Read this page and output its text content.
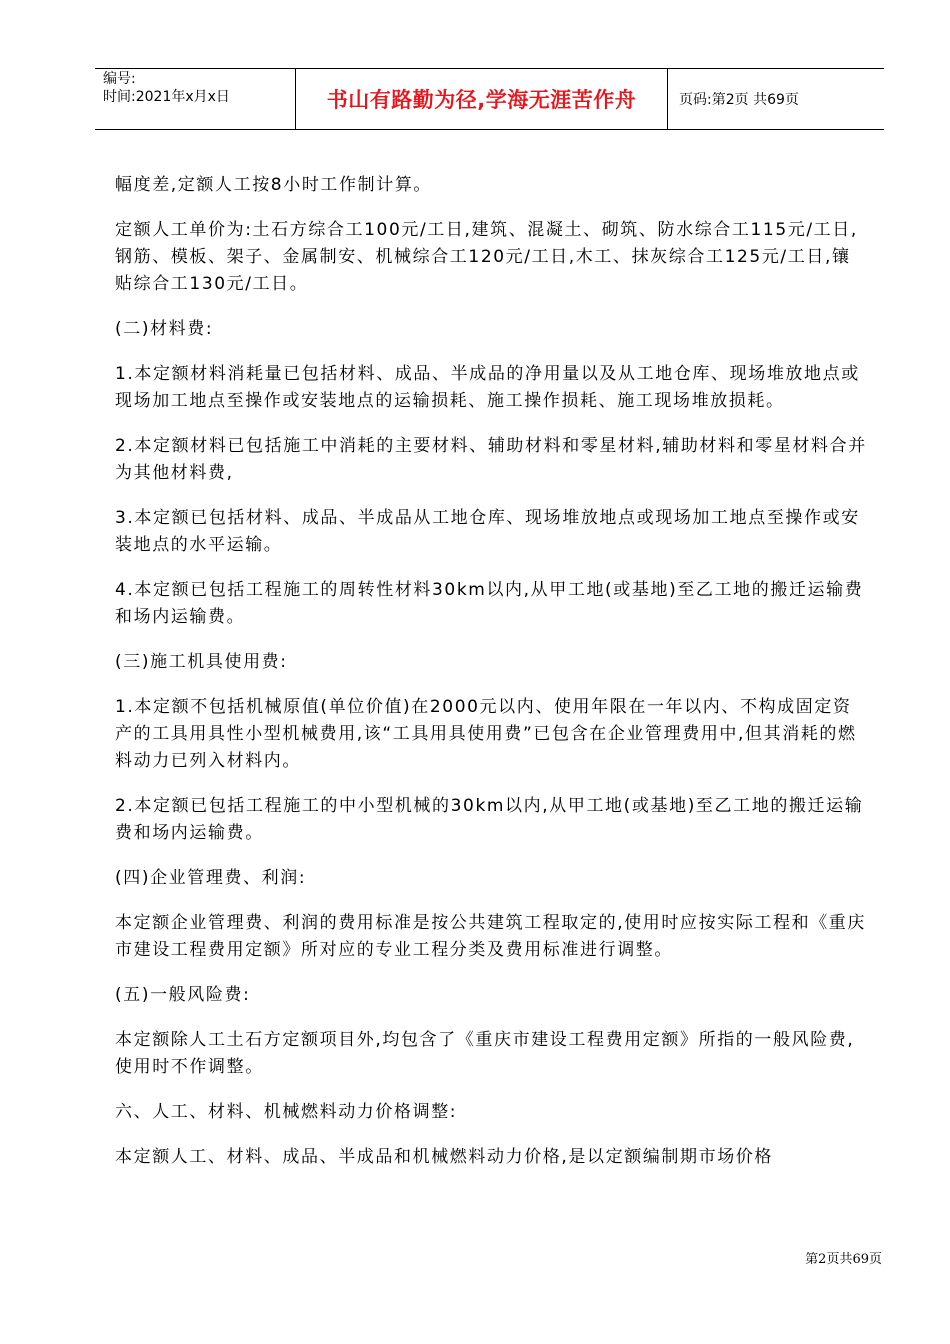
编号:
时间:2021年x月x日	书山有路勤为径,学海无涯苦作舟	页码:第2页 共69页

幅度差,定额人工按8小时工作制计算。

定额人工单价为:土石方综合工100元/工日,建筑、混凝土、砌筑、防水综合工115元/工日,钢筋、模板、架子、金属制安、机械综合工120元/工日,木工、抹灰综合工125元/工日,镶贴综合工130元/工日。

(二)材料费:

1.本定额材料消耗量已包括材料、成品、半成品的净用量以及从工地仓库、现场堆放地点或现场加工地点至操作或安装地点的运输损耗、施工操作损耗、施工现场堆放损耗。

2.本定额材料已包括施工中消耗的主要材料、辅助材料和零星材料,辅助材料和零星材料合并为其他材料费,

3.本定额已包括材料、成品、半成品从工地仓库、现场堆放地点或现场加工地点至操作或安装地点的水平运输。

4.本定额已包括工程施工的周转性材料30km以内,从甲工地(或基地)至乙工地的搬迁运输费和场内运输费。

(三)施工机具使用费:

1.本定额不包括机械原值(单位价值)在2000元以内、使用年限在一年以内、不构成固定资产的工具用具性小型机械费用,该“工具用具使用费”已包含在企业管理费用中,但其消耗的燃料动力已列入材料内。

2.本定额已包括工程施工的中小型机械的30km以内,从甲工地(或基地)至乙工地的搬迁运输费和场内运输费。

(四)企业管理费、利润:

本定额企业管理费、利润的费用标准是按公共建筑工程取定的,使用时应按实际工程和《重庆市建设工程费用定额》所对应的专业工程分类及费用标准进行调整。

(五)一般风险费:

本定额除人工土石方定额项目外,均包含了《重庆市建设工程费用定额》所指的一般风险费,使用时不作调整。

六、人工、材料、机械燃料动力价格调整:

本定额人工、材料、成品、半成品和机械燃料动力价格,是以定额编制期市场价格

第2页共69页
